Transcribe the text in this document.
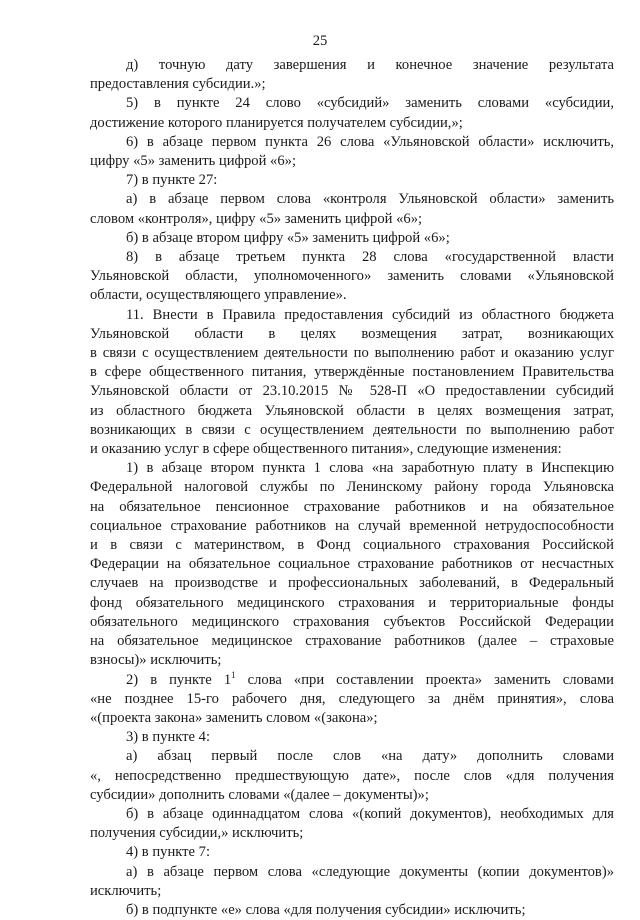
25
д) точную дату завершения и конечное значение результата
предоставления субсидии.»;
5) в пункте 24 слово «субсидий» заменить словами «субсидии,
достижение которого планируется получателем субсидии,»;
6) в абзаце первом пункта 26 слова «Ульяновской области» исключить,
цифру «5» заменить цифрой «6»;
7) в пункте 27:
а) в абзаце первом слова «контроля Ульяновской области» заменить
словом «контроля», цифру «5» заменить цифрой «6»;
б) в абзаце втором цифру «5» заменить цифрой «6»;
8) в абзаце третьем пункта 28 слова «государственной власти
Ульяновской области, уполномоченного» заменить словами «Ульяновской
области, осуществляющего управление».
11. Внести в Правила предоставления субсидий из областного бюджета
Ульяновской области в целях возмещения затрат, возникающих
в связи с осуществлением деятельности по выполнению работ и оказанию услуг
в сфере общественного питания, утверждённые постановлением Правительства
Ульяновской области от 23.10.2015 № 528-П «О предоставлении субсидий
из областного бюджета Ульяновской области в целях возмещения затрат,
возникающих в связи с осуществлением деятельности по выполнению работ
и оказанию услуг в сфере общественного питания», следующие изменения:
1) в абзаце втором пункта 1 слова «на заработную плату в Инспекцию
Федеральной налоговой службы по Ленинскому району города Ульяновска
на обязательное пенсионное страхование работников и на обязательное
социальное страхование работников на случай временной нетрудоспособности
и в связи с материнством, в Фонд социального страхования Российской
Федерации на обязательное социальное страхование работников от несчастных
случаев на производстве и профессиональных заболеваний, в Федеральный
фонд обязательного медицинского страхования и территориальные фонды
обязательного медицинского страхования субъектов Российской Федерации
на обязательное медицинское страхование работников (далее – страховые
взносы)» исключить;
2) в пункте $1^1$ слова «при составлении проекта» заменить словами
«не позднее 15-го рабочего дня, следующего за днём принятия», слова
«(проекта закона» заменить словом «(закона»;
3) в пункте 4:
а) абзац первый после слов «на дату» дополнить словами
«, непосредственно предшествующую дате», после слов «для получения
субсидии» дополнить словами «(далее – документы)»;
б) в абзаце одиннадцатом слова «(копий документов), необходимых для
получения субсидии,» исключить;
4) в пункте 7:
а) в абзаце первом слова «следующие документы (копии документов)»
исключить;
б) в подпункте «е» слова «для получения субсидии» исключить;
